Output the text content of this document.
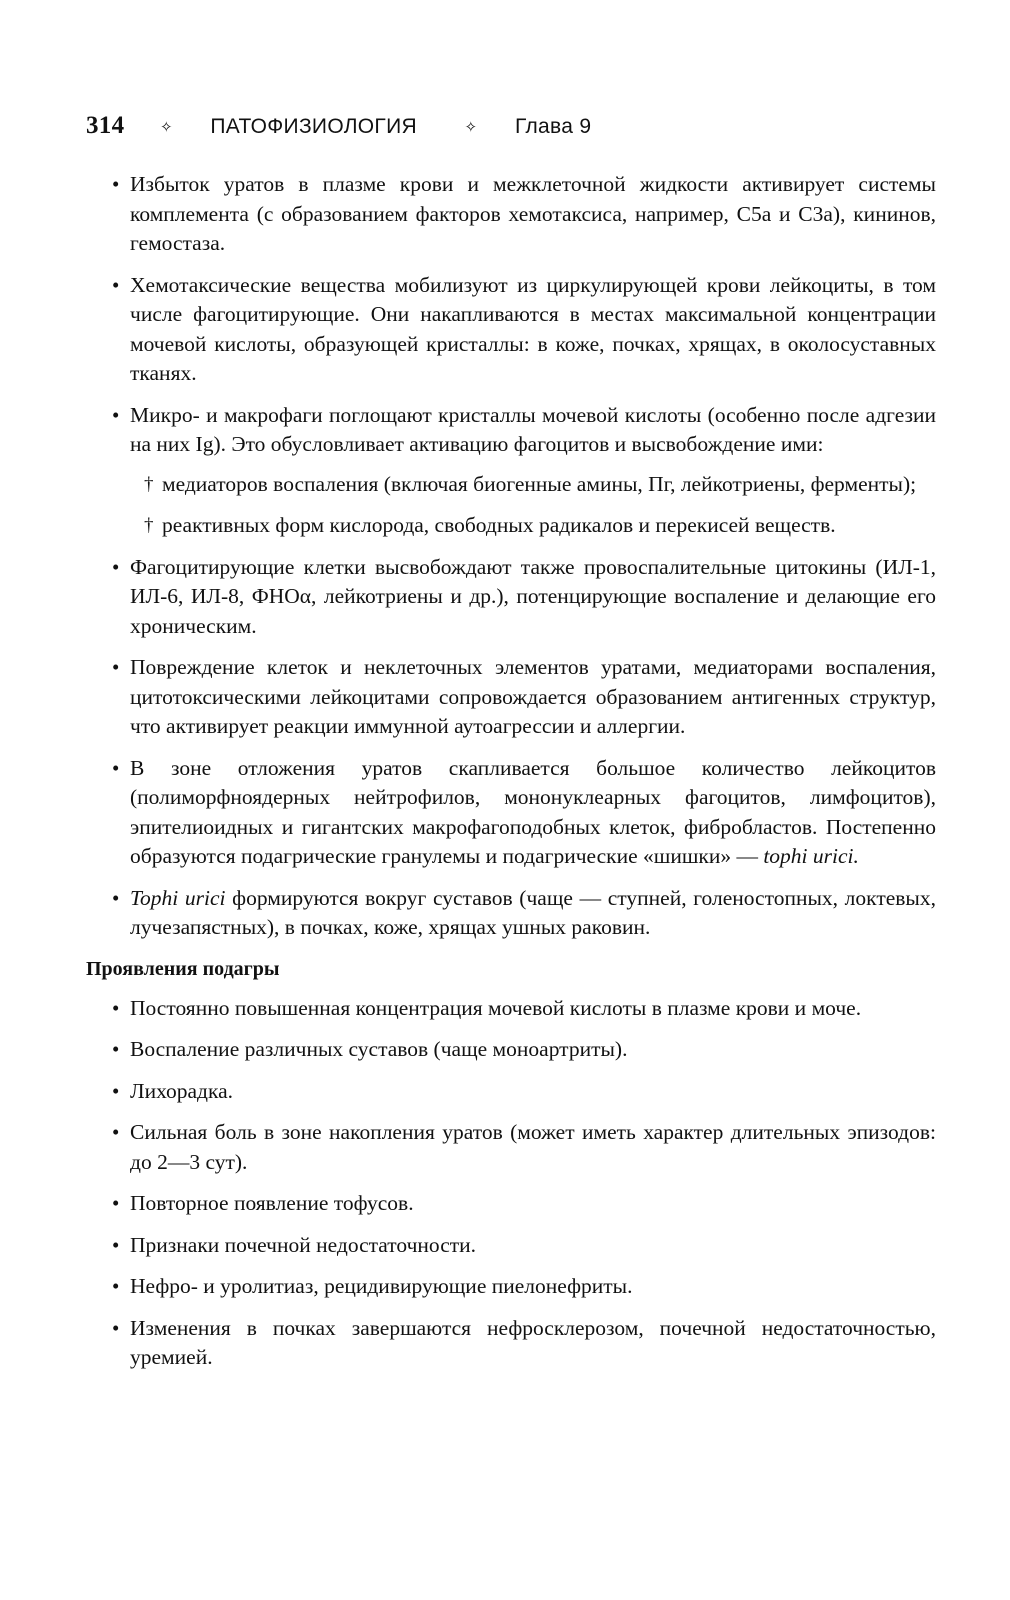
314	✧ ПАТОФИЗИОЛОГИЯ	✧ Глава 9
• Избыток уратов в плазме крови и межклеточной жидкости активирует системы комплемента (с образованием факторов хемотаксиса, например, С5а и С3а), кининов, гемостаза.
• Хемотаксические вещества мобилизуют из циркулирующей крови лейкоциты, в том числе фагоцитирующие. Они накапливаются в местах максимальной концентрации мочевой кислоты, образующей кристаллы: в коже, почках, хрящах, в околосуставных тканях.
• Микро- и макрофаги поглощают кристаллы мочевой кислоты (особенно после адгезии на них Ig). Это обусловливает активацию фагоцитов и высвобождение ими:
† медиаторов воспаления (включая биогенные амины, Пг, лейкотриены, ферменты);
† реактивных форм кислорода, свободных радикалов и перекисей веществ.
• Фагоцитирующие клетки высвобождают также провоспалительные цитокины (ИЛ-1, ИЛ-6, ИЛ-8, ФНОα, лейкотриены и др.), потенцирующие воспаление и делающие его хроническим.
• Повреждение клеток и неклеточных элементов уратами, медиаторами воспаления, цитотоксическими лейкоцитами сопровождается образованием антигенных структур, что активирует реакции иммунной аутоагрессии и аллергии.
• В зоне отложения уратов скапливается большое количество лейкоцитов (полиморфноядерных нейтрофилов, мононуклеарных фагоцитов, лимфоцитов), эпителиоидных и гигантских макрофагоподобных клеток, фибробластов. Постепенно образуются подагрические гранулемы и подагрические «шишки» — tophi urici.
• Tophi urici формируются вокруг суставов (чаще — ступней, голеностопных, локтевых, лучезапястных), в почках, коже, хрящах ушных раковин.
Проявления подагры
• Постоянно повышенная концентрация мочевой кислоты в плазме крови и моче.
• Воспаление различных суставов (чаще моноартриты).
• Лихорадка.
• Сильная боль в зоне накопления уратов (может иметь характер длительных эпизодов: до 2—3 сут).
• Повторное появление тофусов.
• Признаки почечной недостаточности.
• Нефро- и уролитиаз, рецидивирующие пиелонефриты.
• Изменения в почках завершаются нефросклерозом, почечной недостаточностью, уремией.
